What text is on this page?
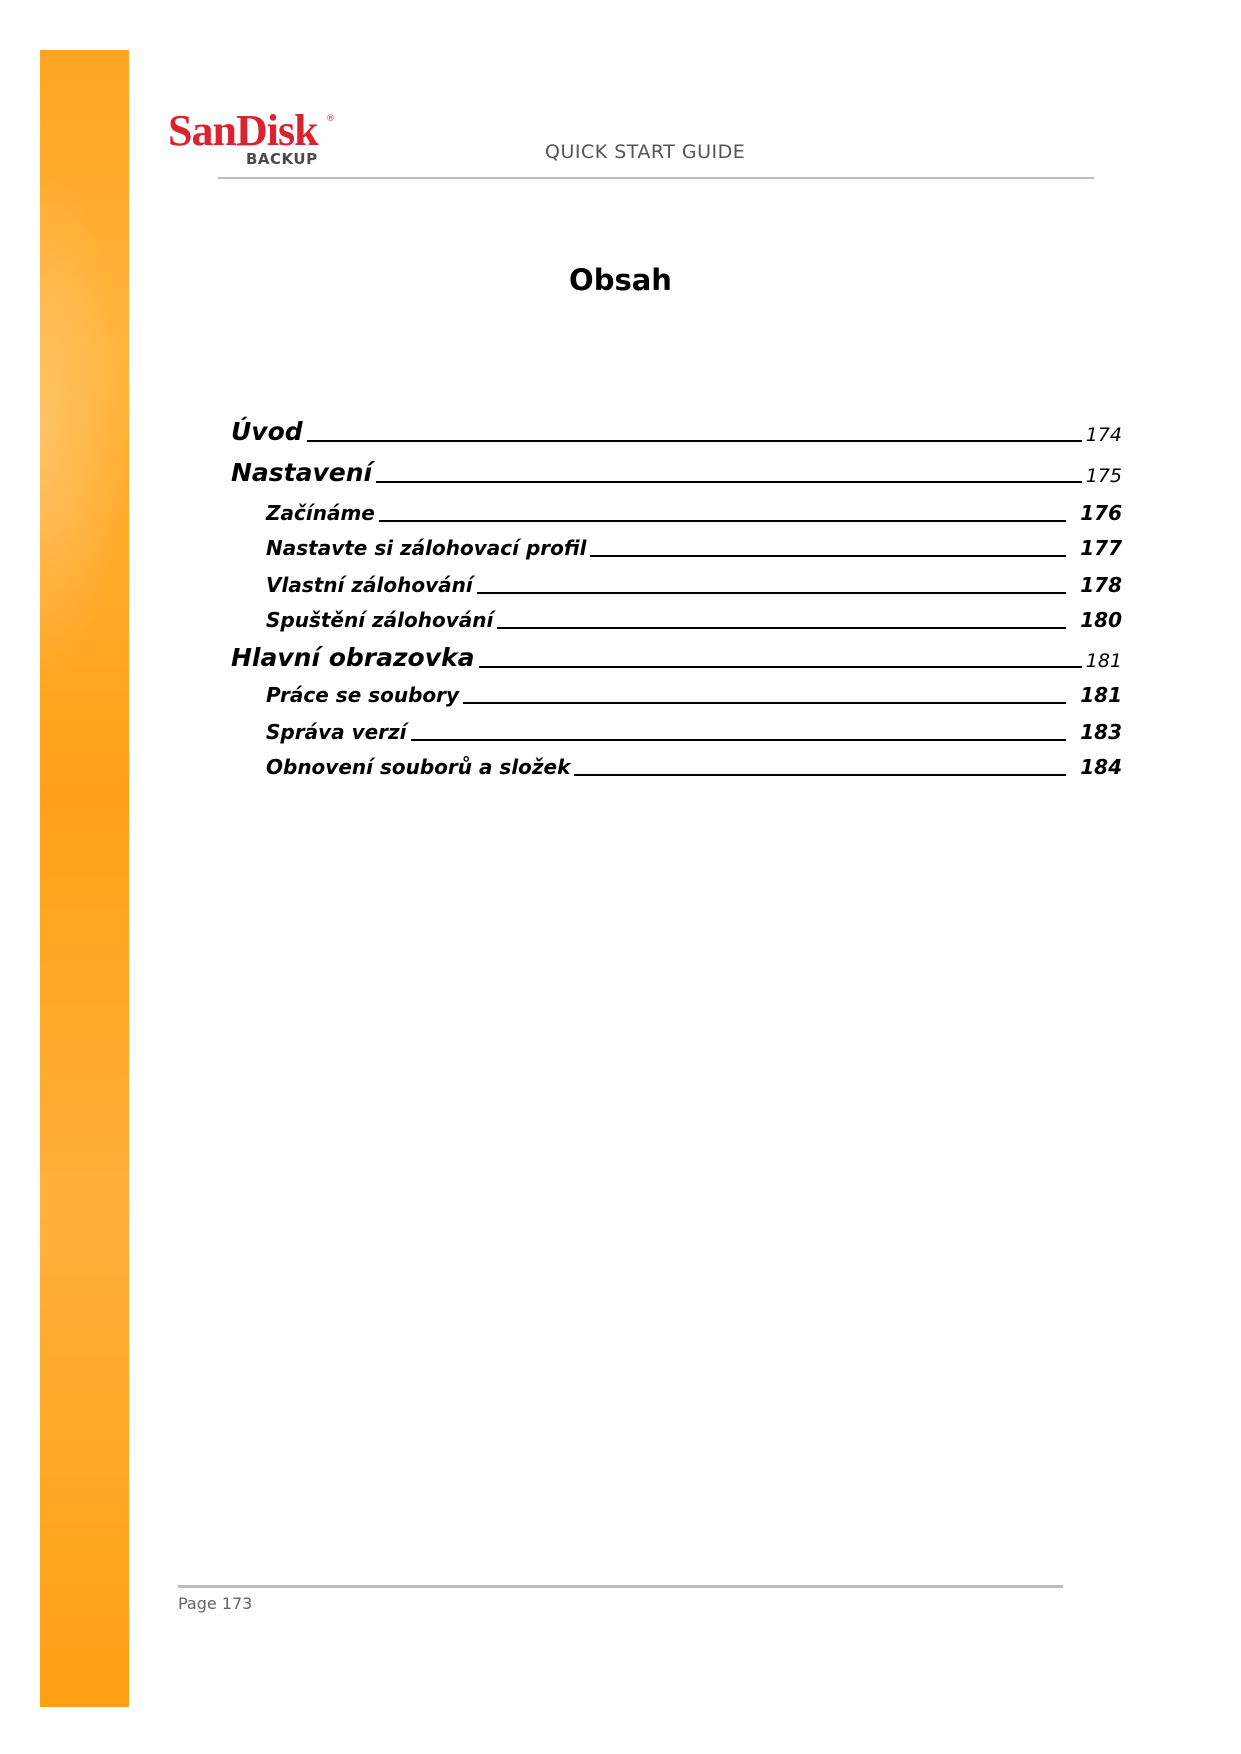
SanDisk ®
BACKUP	QUICK START GUIDE
Obsah
Úvod	174
Nastavení	175
Začínáme	176
Nastavte si zálohovací profil	177
Vlastní zálohování	178
Spuštění zálohování	180
Hlavní obrazovka	181
Práce se soubory	181
Správa verzí	183
Obnovení souborů a složek	184
Page 173
